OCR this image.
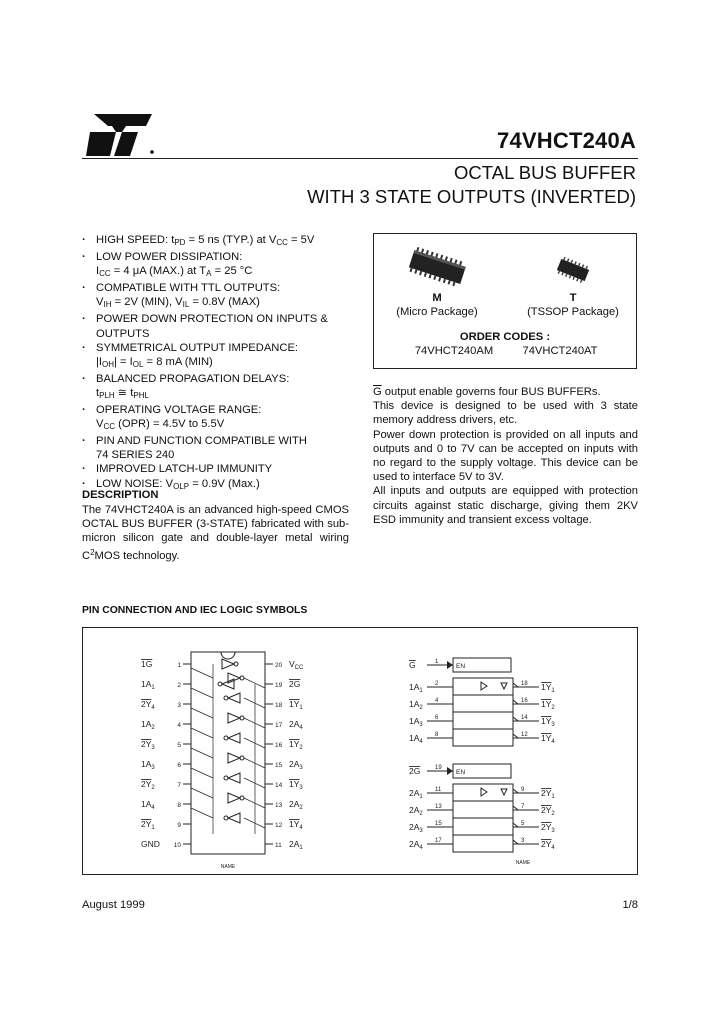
74VHCT240A
OCTAL BUS BUFFER
WITH 3 STATE OUTPUTS (INVERTED)
· HIGH SPEED: tPD = 5 ns (TYP.) at VCC = 5V
· LOW POWER DISSIPATION:
ICC = 4 μA (MAX.) at TA = 25 °C
· COMPATIBLE WITH TTL OUTPUTS:
VIH = 2V (MIN), VIL = 0.8V (MAX)
· POWER DOWN PROTECTION ON INPUTS &
OUTPUTS
· SYMMETRICAL OUTPUT IMPEDANCE:
|IOH| = IOL = 8 mA (MIN)
· BALANCED PROPAGATION DELAYS:
tPLH ≅ tPHL
· OPERATING VOLTAGE RANGE:
VCC (OPR) = 4.5V to 5.5V
· PIN AND FUNCTION COMPATIBLE WITH
74 SERIES 240
· IMPROVED LATCH-UP IMMUNITY
· LOW NOISE: VOLP = 0.9V (Max.)
DESCRIPTION
The 74VHCT240A is an advanced high-speed CMOS OCTAL BUS BUFFER (3-STATE) fabricated with sub-micron silicon gate and double-layer metal wiring $C^2MOS$ technology.
M
(Micro Package)
T
(TSSOP Package)
ORDER CODES :
74VHCT240AM	74VHCT240AT

$\overline{G}$ output enable governs four BUS BUFFERs.

This device is designed to be used with 3 state memory address drivers, etc.

Power down protection is provided on all inputs and outputs and 0 to 7V can be accepted on inputs with no regard to the supply voltage. This device can be used to interface 5V to 3V.

All inputs and outputs are equipped with protection circuits against static discharge, giving them 2KV ESD immunity and transient excess voltage.

PIN CONNECTION AND IEC LOGIC SYMBOLS
1
1G
2
$1A_1$
3
$2Y_4$
4
$1A_2$
5
$2Y_3$
6
$1A_3$
7
$2Y_2$
8
$1A_4$
9
$2Y_1$
10
GND
20 $V_{CC}$
19 2G
18 $1Y_1$
17 $2A_4$
16 $1Y_2$
15 $2A_3$
14 $1Y_3$
13 $2A_2$
12 $1Y_4$
11 $2A_1$
NAME
EN
1
G
2
$1A_1$
4
$1A_2$
6
$1A_3$
8
$1A_4$
18 $1Y_1$
16 $1Y_2$
14 $1Y_3$
12 $1Y_4$
EN
19
2G
11
$2A_1$
13
$2A_2$
15
$2A_3$
17
$2A_4$
9 $2Y_1$
7 $2Y_2$
5 $2Y_3$
3 $2Y_4$
NAME
August 1999	1/8
